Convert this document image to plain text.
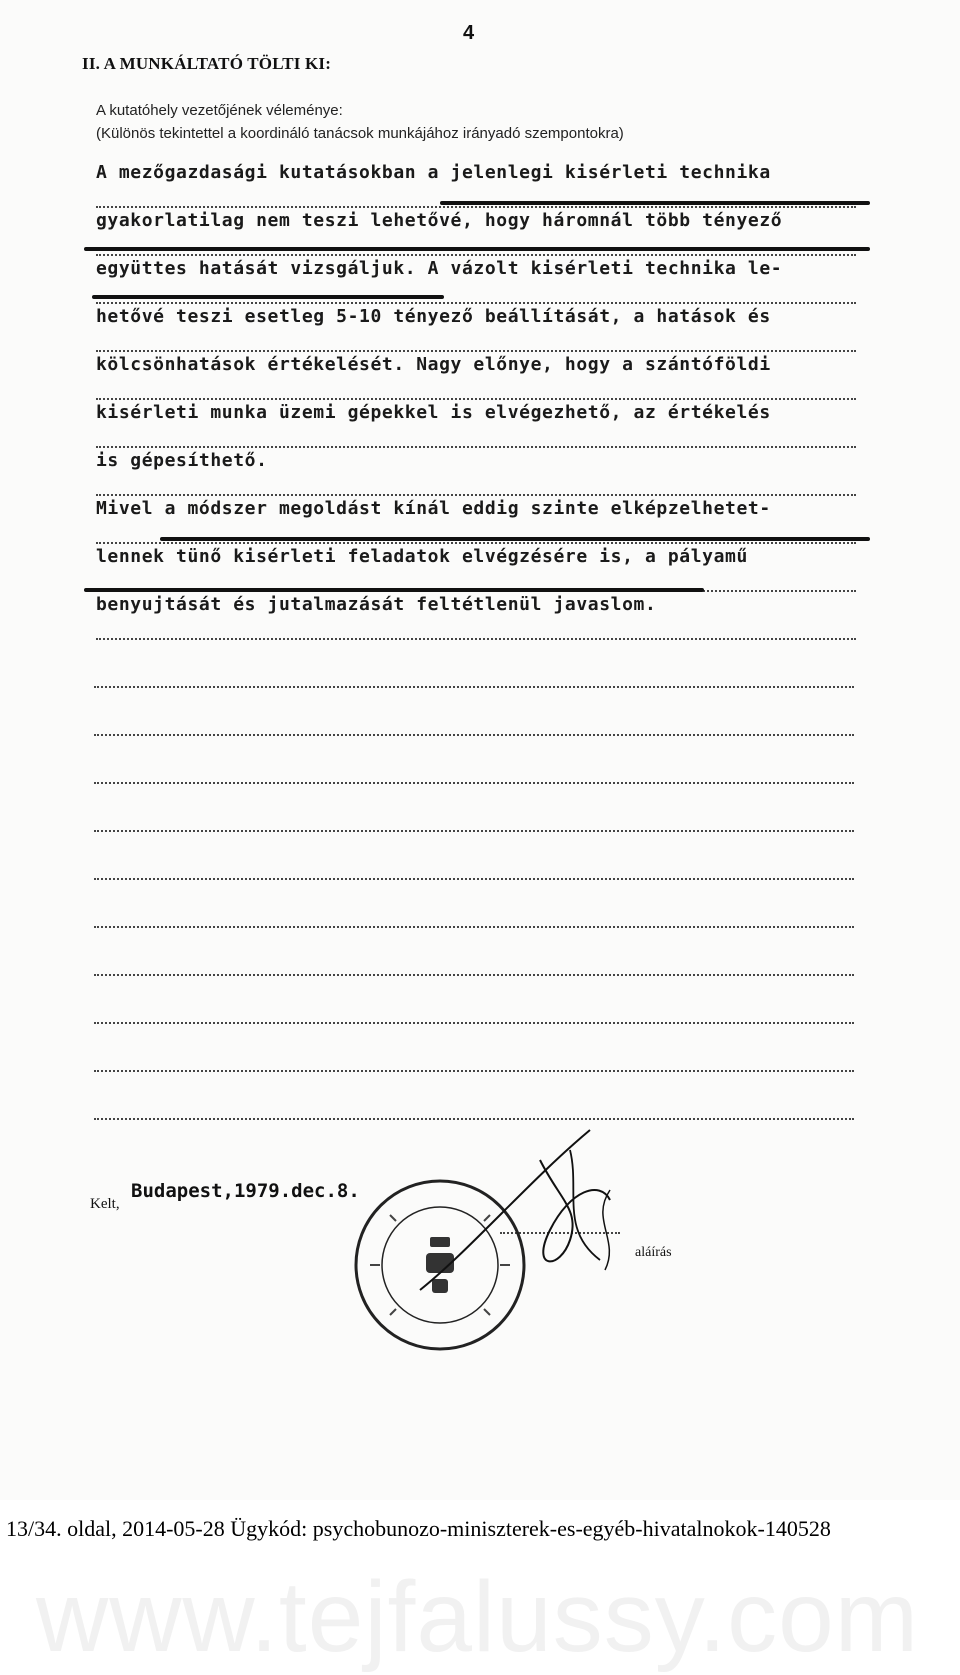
4
II. A MUNKÁLTATÓ TÖLTI KI:
A kutatóhely vezetőjének véleménye:
(Különös tekintettel a koordináló tanácsok munkájához irányadó szempontokra)
A mezőgazdasági kutatásokban a jelenlegi kisérleti technika
gyakorlatilag nem teszi lehetővé, hogy háromnál több tényező
együttes hatását vizsgáljuk. A vázolt kisérleti technika le-
hetővé teszi esetleg 5-10 tényező beállítását, a hatások és
kölcsönhatások értékelését. Nagy előnye, hogy a szántóföldi
kisérleti munka üzemi gépekkel is elvégezhető, az értékelés
is gépesíthető.
Mivel a módszer megoldást kínál eddig szinte elképzelhetet-
lennek tünő kisérleti feladatok elvégzésére is, a pályamű
benyujtását és jutalmazását feltétlenül javaslom.
Kelt,
Budapest,1979.dec.8.
aláírás
13/34. oldal, 2014-05-28 Ügykód: psychobunozo-miniszterek-es-egyéb-hivatalnokok-140528
www.tejfalussy.com
